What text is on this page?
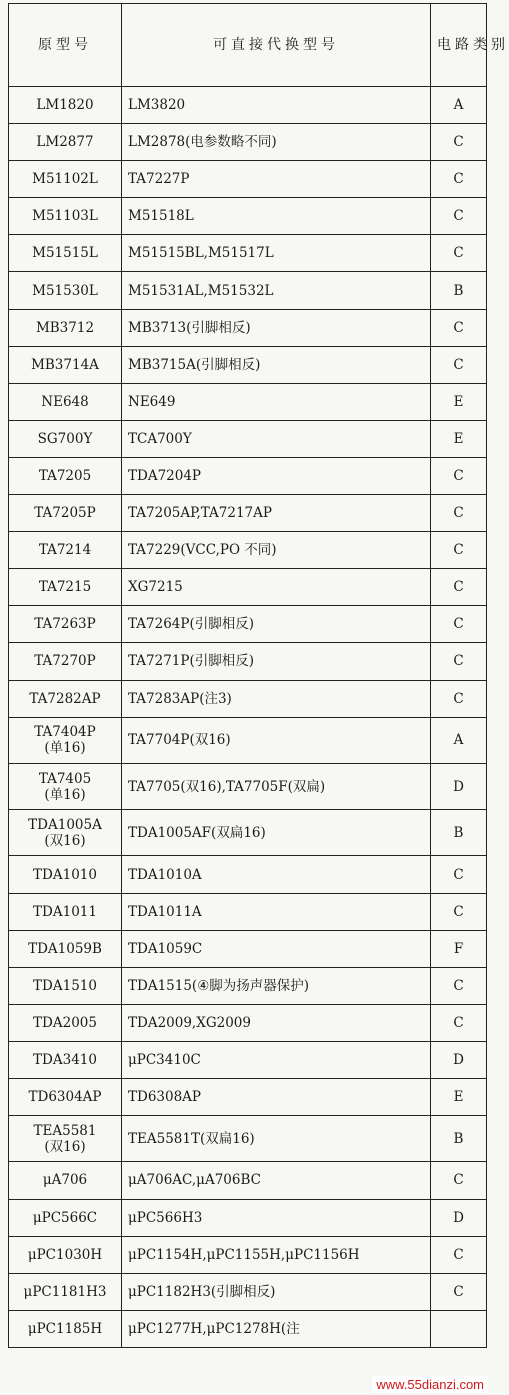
原型号	可直接代换型号	电路类别

LM1820	LM3820	A

LM2877	LM2878(电参数略不同)	C

M51102L	TA7227P	C

M51103L	M51518L	C

M51515L	M51515BL,M51517L	C

M51530L	M51531AL,M51532L	B

MB3712	MB3713(引脚相反)	C

MB3714A	MB3715A(引脚相反)	C

NE648	NE649	E

SG700Y	TCA700Y	E

TA7205	TDA7204P	C

TA7205P	TA7205AP,TA7217AP	C

TA7214	TA7229(VCC,PO 不同)	C

TA7215	XG7215	C

TA7263P	TA7264P(引脚相反)	C

TA7270P	TA7271P(引脚相反)	C

TA7282AP	TA7283AP(注3)	C

TA7404P
(单16)	TA7704P(双16)	A

TA7405
(单16)	TA7705(双16),TA7705F(双扁)	D

TDA1005A
(双16)	TDA1005AF(双扁16)	B

TDA1010	TDA1010A	C

TDA1011	TDA1011A	C

TDA1059B	TDA1059C	F

TDA1510	TDA1515(④脚为扬声器保护)	C

TDA2005	TDA2009,XG2009	C

TDA3410	μPC3410C	D

TD6304AP	TD6308AP	E

TEA5581
(双16)	TEA5581T(双扁16)	B

μA706	μA706AC,μA706BC	C

μPC566C	μPC566H3	D

μPC1030H	μPC1154H,μPC1155H,μPC1156H	C

μPC1181H3	μPC1182H3(引脚相反)	C

μPC1185H	μPC1277H,μPC1278H(注	
www.55dianzi.com
